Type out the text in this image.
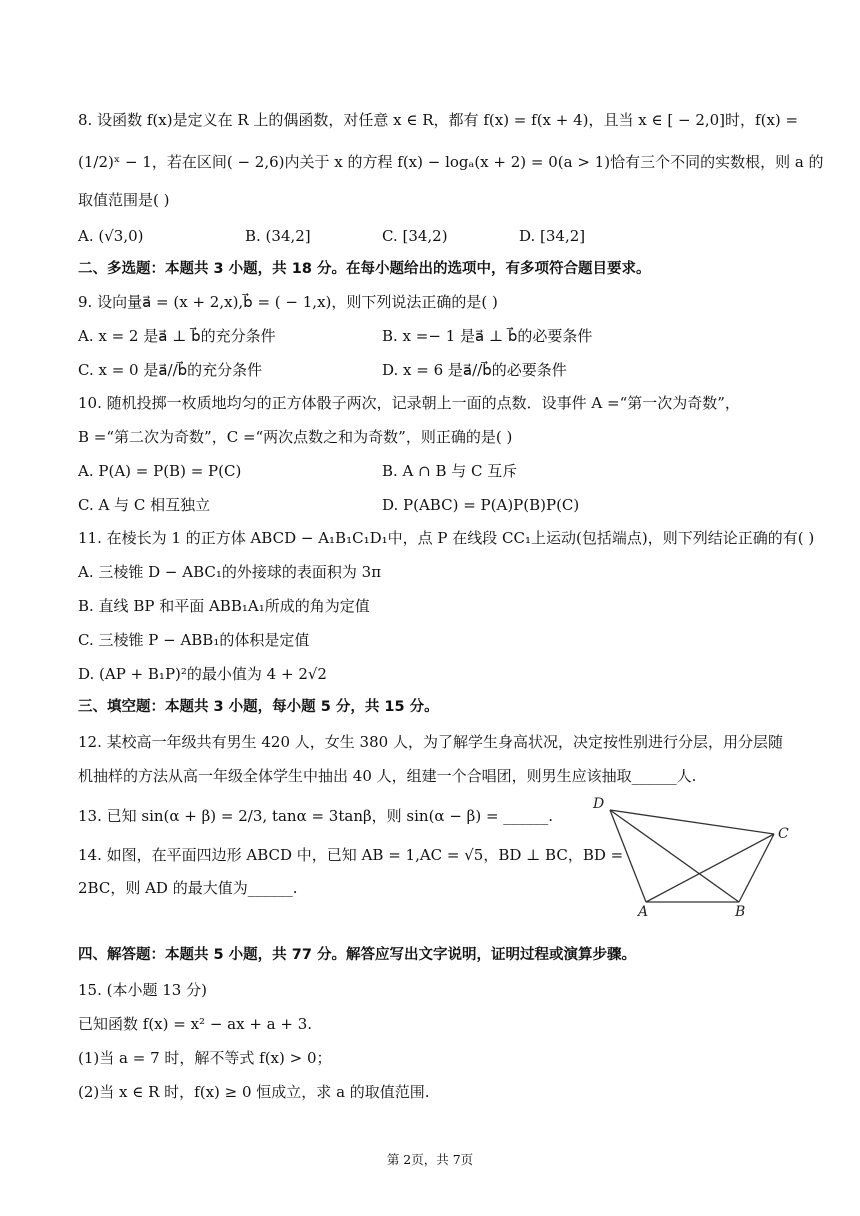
8. 设函数 f(x)是定义在 R 上的偶函数，对任意 x ∈ R，都有 f(x) = f(x + 4)，且当 x ∈ [ − 2,0]时，f(x) =
(1/2)ˣ − 1，若在区间( − 2,6)内关于 x 的方程 f(x) − logₐ(x + 2) = 0(a > 1)恰有三个不同的实数根，则 a 的
取值范围是( )
A. (√3,0)	B. (34,2]	C. [34,2)	D. [34,2]
二、多选题：本题共 3 小题，共 18 分。在每小题给出的选项中，有多项符合题目要求。
9. 设向量a⃗ = (x + 2,x),b⃗ = ( − 1,x)，则下列说法正确的是( )
A. x = 2 是a⃗ ⊥ b⃗的充分条件	B. x =− 1 是a⃗ ⊥ b⃗的必要条件
C. x = 0 是a⃗//b⃗的充分条件	D. x = 6 是a⃗//b⃗的必要条件
10. 随机投掷一枚质地均匀的正方体骰子两次，记录朝上一面的点数．设事件 A =“第一次为奇数”，
B =“第二次为奇数”，C =“两次点数之和为奇数”，则正确的是( )
A. P(A) = P(B) = P(C)	B. A ∩ B 与 C 互斥
C. A 与 C 相互独立	D. P(ABC) = P(A)P(B)P(C)
11. 在棱长为 1 的正方体 ABCD − A₁B₁C₁D₁中，点 P 在线段 CC₁上运动(包括端点)，则下列结论正确的有( )
A. 三棱锥 D − ABC₁的外接球的表面积为 3π
B. 直线 BP 和平面 ABB₁A₁所成的角为定值
C. 三棱锥 P − ABB₁的体积是定值
D. (AP + B₁P)²的最小值为 4 + 2√2
三、填空题：本题共 3 小题，每小题 5 分，共 15 分。
12. 某校高一年级共有男生 420 人，女生 380 人，为了解学生身高状况，决定按性别进行分层，用分层随
机抽样的方法从高一年级全体学生中抽出 40 人，组建一个合唱团，则男生应该抽取______人.
13. 已知 sin(α + β) = 2/3, tanα = 3tanβ，则 sin(α − β) = ______.
14. 如图，在平面四边形 ABCD 中，已知 AB = 1,AC = √5，BD ⊥ BC，BD =
2BC，则 AD 的最大值为______.
D
C
A	B
四、解答题：本题共 5 小题，共 77 分。解答应写出文字说明，证明过程或演算步骤。
15. (本小题 13 分)
已知函数 f(x) = x² − ax + a + 3.
(1)当 a = 7 时，解不等式 f(x) > 0；
(2)当 x ∈ R 时，f(x) ≥ 0 恒成立，求 a 的取值范围.
第 2页，共 7页
